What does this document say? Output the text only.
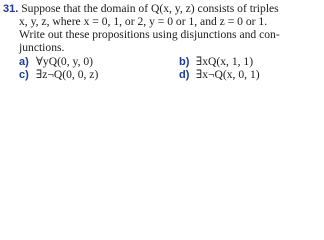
31. Suppose that the domain of Q(x, y, z) consists of triples
x, y, z, where x = 0, 1, or 2, y = 0 or 1, and z = 0 or 1.
Write out these propositions using disjunctions and con-
junctions.
a) ∀yQ(0, y, 0)	b) ∃xQ(x, 1, 1)
c) ∃z¬Q(0, 0, z)	d) ∃x¬Q(x, 0, 1)
